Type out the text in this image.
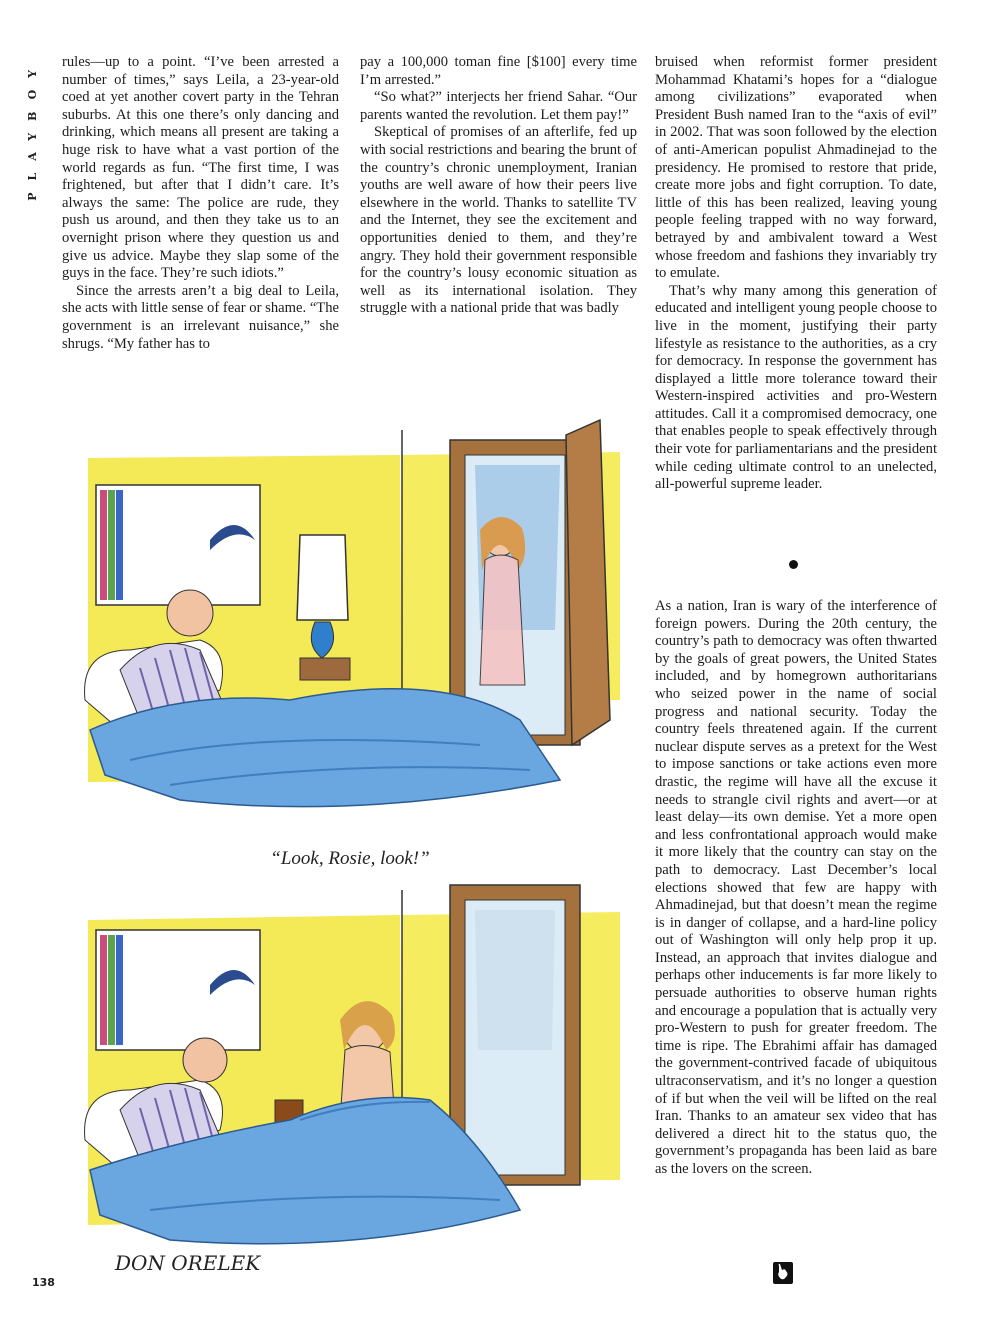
PLAYBOY rules—up to a point. “I’ve been arrested a number of times,” says Leila, a 23-year-old coed at yet another covert party in the Tehran suburbs. At this one there’s only dancing and drinking, which means all present are taking a huge risk to have what a vast portion of the world regards as fun. “The first time, I was frightened, but after that I didn’t care. It’s always the same: The police are rude, they push us around, and then they take us to an overnight prison where they question us and give us advice. Maybe they slap some of the guys in the face. They’re such idiots.”

Since the arrests aren’t a big deal to Leila, she acts with little sense of fear or shame. “The government is an irrelevant nuisance,” she shrugs. “My father has to

pay a 100,000 toman fine [$100] every time I’m arrested.”

“So what?” interjects her friend Sahar. “Our parents wanted the revolution. Let them pay!”

Skeptical of promises of an afterlife, fed up with social restrictions and bearing the brunt of the country’s chronic unemployment, Iranian youths are well aware of how their peers live elsewhere in the world. Thanks to satellite TV and the Internet, they see the excitement and opportunities denied to them, and they’re angry. They hold their government responsible for the country’s lousy economic situation as well as its international isolation. They struggle with a national pride that was badly

bruised when reformist former president Mohammad Khatami’s hopes for a “dialogue among civilizations” evaporated when President Bush named Iran to the “axis of evil” in 2002. That was soon followed by the election of anti-American populist Ahmadinejad to the presidency. He promised to restore that pride, create more jobs and fight corruption. To date, little of this has been realized, leaving young people feeling trapped with no way forward, betrayed by and ambivalent toward a West whose freedom and fashions they invariably try to emulate.

That’s why many among this generation of educated and intelligent young people choose to live in the moment, justifying their party lifestyle as resistance to the authorities, as a cry for democracy. In response the government has displayed a little more tolerance toward their Western-inspired activities and pro-Western attitudes. Call it a compromised democracy, one that enables people to speak effectively through their vote for parliamentarians and the president while ceding ultimate control to an unelected, all-powerful supreme leader.

As a nation, Iran is wary of the interference of foreign powers. During the 20th century, the country’s path to democracy was often thwarted by the goals of great powers, the United States included, and by homegrown authoritarians who seized power in the name of social progress and national security. Today the country feels threatened again. If the current nuclear dispute serves as a pretext for the West to impose sanctions or take actions even more drastic, the regime will have all the excuse it needs to strangle civil rights and avert—or at least delay—its own demise. Yet a more open and less confrontational approach would make it more likely that the country can stay on the path to democracy. Last December’s local elections showed that few are happy with Ahmadinejad, but that doesn’t mean the regime is in danger of collapse, and a hard-line policy out of Washington will only help prop it up. Instead, an approach that invites dialogue and perhaps other inducements is far more likely to persuade authorities to observe human rights and encourage a population that is actually very pro-Western to push for greater freedom. The time is ripe. The Ebrahimi affair has damaged the government-contrived facade of ubiquitous ultraconservatism, and it’s no longer a question of if but when the veil will be lifted on the real Iran. Thanks to an amateur sex video that has delivered a direct hit to the status quo, the government’s propaganda has been laid as bare as the lovers on the screen.

DON ORELEK
“Look, Rosie, look!”
138
